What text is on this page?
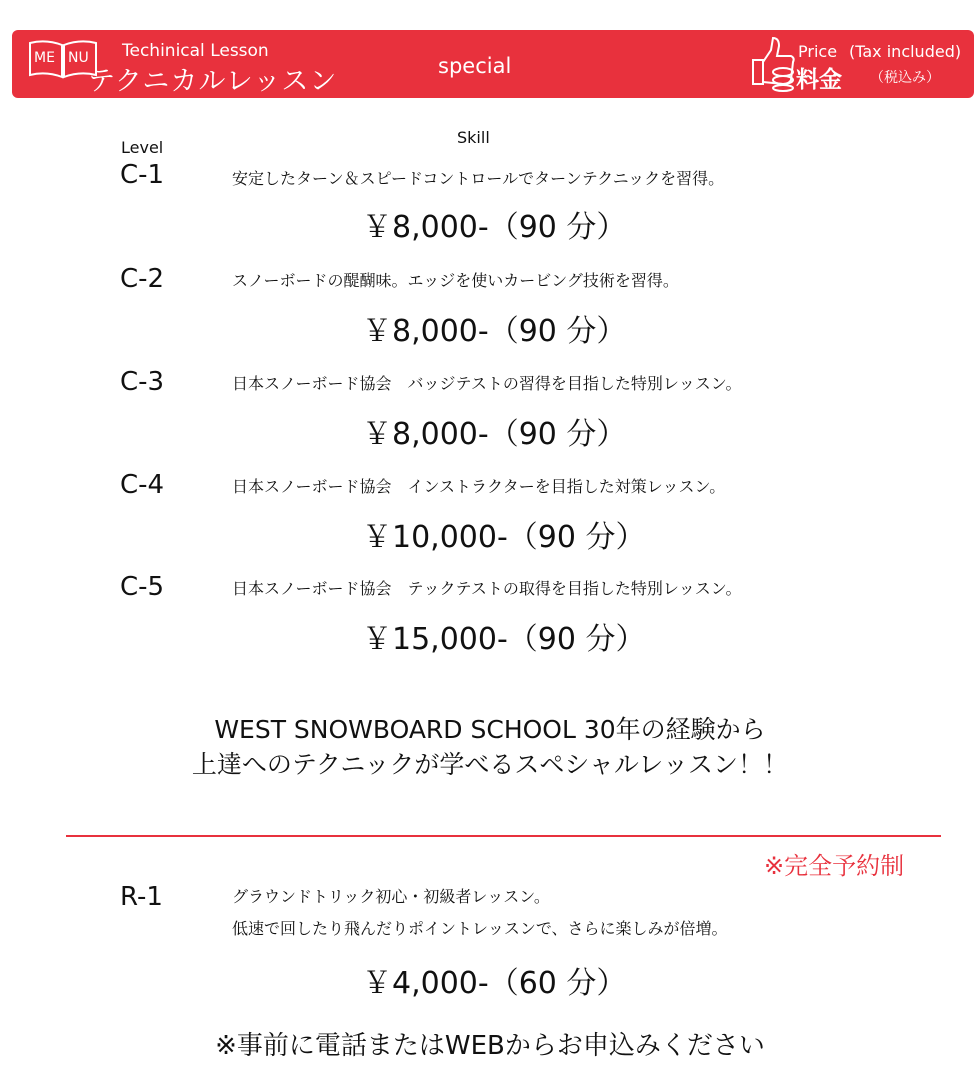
ME NU Techinical Lesson
テクニカルレッスン	special
Price (Tax included)
料金 （税込み）
Skill
Level
C-1	安定したターン＆スピードコントロールでターンテクニックを習得。
￥8,000-（90 分）
C-2	スノーボードの醍醐味。エッジを使いカービング技術を習得。
￥8,000-（90 分）
C-3	日本スノーボード協会　バッジテストの習得を目指した特別レッスン。
￥8,000-（90 分）
C-4	日本スノーボード協会　インストラクターを目指した対策レッスン。
￥10,000-（90 分）
C-5	日本スノーボード協会　テックテストの取得を目指した特別レッスン。
￥15,000-（90 分）
WEST SNOWBOARD SCHOOL 30年の経験から
上達へのテクニックが学べるスペシャルレッスン！！
※完全予約制
R-1	グラウンドトリック初心・初級者レッスン。
低速で回したり飛んだりポイントレッスンで、さらに楽しみが倍増。
￥4,000-（60 分）
※事前に電話またはWEBからお申込みください
